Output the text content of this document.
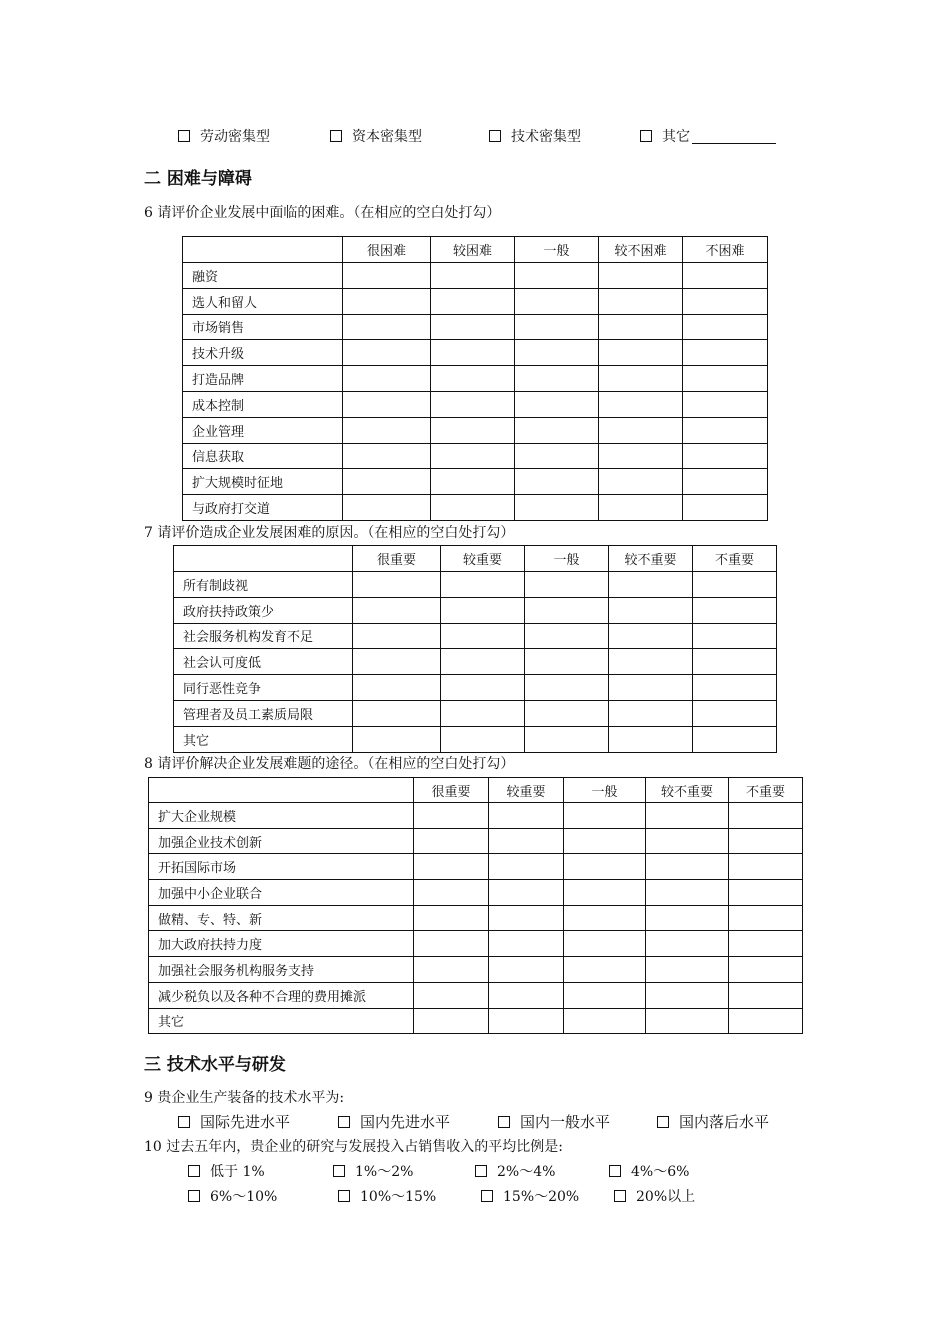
劳动密集型	资本密集型	技术密集型	其它
二 困难与障碍
6 请评价企业发展中面临的困难。（在相应的空白处打勾）
	很困难	较困难	一般	较不困难	不困难
融资					
选人和留人					
市场销售					
技术升级					
打造品牌					
成本控制					
企业管理					
信息获取					
扩大规模时征地					
与政府打交道					
7 请评价造成企业发展困难的原因。（在相应的空白处打勾）
	很重要	较重要	一般	较不重要	不重要
所有制歧视					
政府扶持政策少					
社会服务机构发育不足					
社会认可度低					
同行恶性竞争					
管理者及员工素质局限					
其它					
8 请评价解决企业发展难题的途径。（在相应的空白处打勾）
	很重要	较重要	一般	较不重要	不重要
扩大企业规模					
加强企业技术创新					
开拓国际市场					
加强中小企业联合					
做精、专、特、新					
加大政府扶持力度					
加强社会服务机构服务支持					
减少税负以及各种不合理的费用摊派					
其它					
三 技术水平与研发
9 贵企业生产装备的技术水平为:
国际先进水平	国内先进水平	国内一般水平	国内落后水平
10 过去五年内，贵企业的研究与发展投入占销售收入的平均比例是:
低于 1%	1%～2%	2%～4%	4%～6%
6%～10%	10%～15%	15%～20%	20%以上
